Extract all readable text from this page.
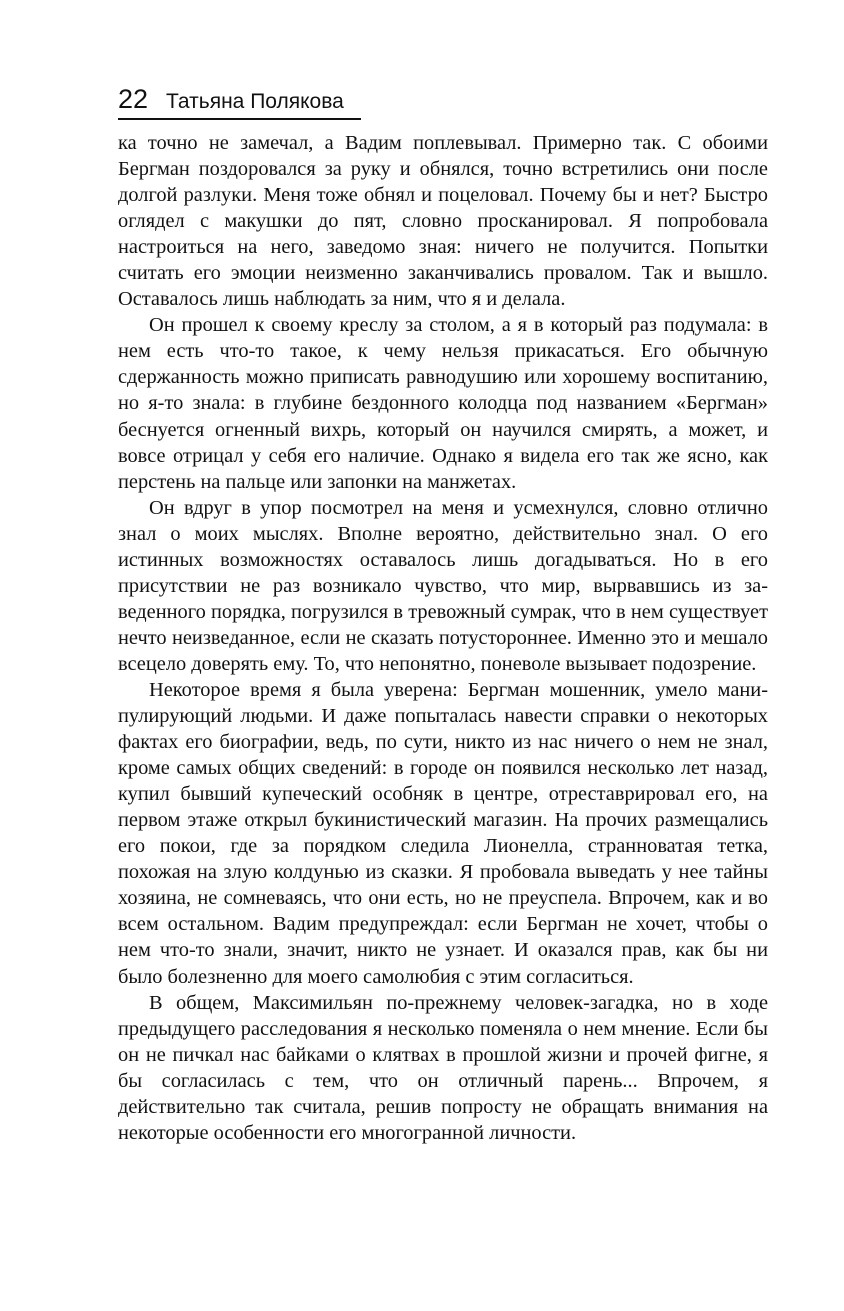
22 Татьяна Полякова

ка точно не замечал, а Вадим поплевывал. Примерно так. С обоими Бергман поздоровался за руку и обнялся, точно встретились они после долгой разлуки. Меня тоже обнял и поцеловал. Почему бы и нет? Быстро оглядел с макушки до пят, словно просканировал. Я попробовала настроиться на него, заведомо зная: ничего не получится. Попытки считать его эмоции неизменно заканчивались провалом. Так и вышло. Оставалось лишь наблюдать за ним, что я и делала.

Он прошел к своему креслу за столом, а я в который раз подумала: в нем есть что-то такое, к чему нельзя прикасаться. Его обычную сдержанность можно приписать равнодушию или хорошему воспитанию, но я-то знала: в глубине бездонного колодца под названием «Бергман» беснуется огненный вихрь, который он научился смирять, а может, и вовсе отрицал у себя его наличие. Однако я видела его так же ясно, как перстень на пальце или запонки на манжетах.

Он вдруг в упор посмотрел на меня и усмехнулся, словно отлично знал о моих мыслях. Вполне вероятно, действительно знал. О его истинных возможностях оставалось лишь догадываться. Но в его присутствии не раз возникало чувство, что мир, вырвавшись из заведенного порядка, погрузился в тревожный сумрак, что в нем существует нечто неизведанное, если не сказать потустороннее. Именно это и мешало всецело доверять ему. То, что непонятно, поневоле вызывает подозрение.

Некоторое время я была уверена: Бергман мошенник, умело манипулирующий людьми. И даже попыталась навести справки о некоторых фактах его биографии, ведь, по сути, никто из нас ничего о нем не знал, кроме самых общих сведений: в городе он появился несколько лет назад, купил бывший купеческий особняк в центре, отреставрировал его, на первом этаже открыл букинистический магазин. На прочих размещались его покои, где за порядком следила Лионелла, странноватая тетка, похожая на злую колдунью из сказки. Я пробовала выведать у нее тайны хозяина, не сомневаясь, что они есть, но не преуспела. Впрочем, как и во всем остальном. Вадим предупреждал: если Бергман не хочет, чтобы о нем что-то знали, значит, никто не узнает. И оказался прав, как бы ни было болезненно для моего самолюбия с этим согласиться.

В общем, Максимильян по-прежнему человек-загадка, но в ходе предыдущего расследования я несколько поменяла о нем мнение. Если бы он не пичкал нас байками о клятвах в прошлой жизни и прочей фигне, я бы согласилась с тем, что он отличный парень... Впрочем, я действительно так считала, решив попросту не обращать внимания на некоторые особенности его многогранной личности.
